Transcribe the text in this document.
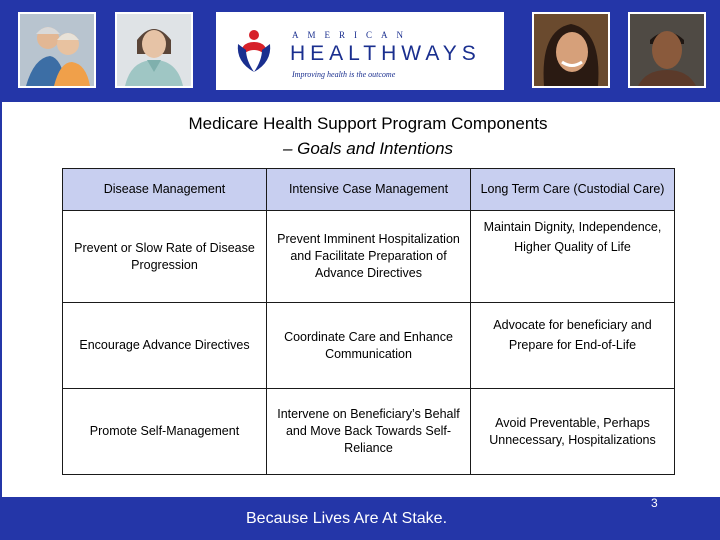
AMERICAN
HEALTHWAYS
Improving health is the outcome
Medicare Health Support Program Components
– Goals and Intentions
Disease Management	Intensive Case Management	Long Term Care (Custodial Care)
Prevent or Slow Rate of Disease Progression	Prevent Imminent Hospitalization and Facilitate Preparation of Advance Directives	Maintain Dignity, Independence, Higher Quality of Life
Encourage Advance Directives	Coordinate Care and Enhance Communication	Advocate for beneficiary and Prepare for End-of-Life
Promote Self-Management	Intervene on Beneficiary’s Behalf and Move Back Towards Self-Reliance	Avoid Preventable, Perhaps Unnecessary, Hospitalizations
Because Lives Are At Stake.
3
